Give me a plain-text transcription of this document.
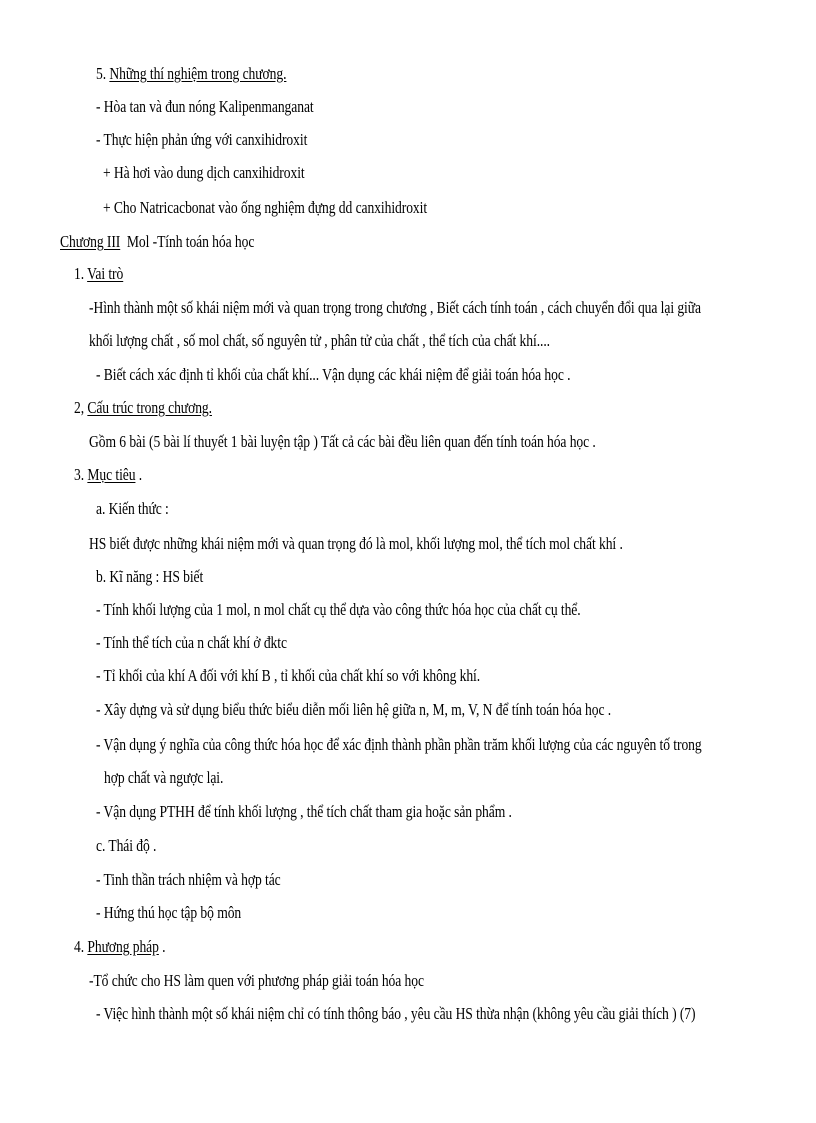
5. Những thí nghiệm trong chương.
- Hòa tan và đun nóng Kalipenmanganat
- Thực hiện phản ứng với canxihidroxit
+ Hà hơi vào dung dịch canxihidroxit
+ Cho Natricacbonat vào ống nghiệm đựng dd canxihidroxit
Chương III  Mol -Tính toán hóa học
1. Vai trò
-Hình thành một số khái niệm mới và quan trọng trong chương , Biết cách tính toán , cách chuyển đổi qua lại giữa
khối lượng chất , số mol chất, số nguyên tử , phân tử của chất , thể tích của chất khí....
- Biết cách xác định tỉ khối của chất khí... Vận dụng các khái niệm để giải toán hóa học .
2, Cấu trúc trong chương.
Gồm 6 bài (5 bài lí thuyết 1 bài luyện tập ) Tất cả các bài đều liên quan đến tính toán hóa học .
3. Mục tiêu .
a. Kiến thức :
HS biết được những khái niệm mới và quan trọng đó là mol, khối lượng mol, thể tích mol chất khí .
b. Kĩ năng : HS biết
- Tính khối lượng của 1 mol, n mol chất cụ thể dựa vào công thức hóa học của chất cụ thể.
- Tính thể tích của n chất khí ở đktc
- Tỉ khối của khí A đối với khí B , tỉ khối của chất khí so với không khí.
- Xây dựng và sử dụng biểu thức biểu diễn mối liên hệ giữa n, M, m, V, N để tính toán hóa học .
- Vận dụng ý nghĩa của công thức hóa học để xác định thành phần phần trăm khối lượng của các nguyên tố trong
hợp chất và ngược lại.
- Vận dụng PTHH để tính khối lượng , thể tích chất tham gia hoặc sản phẩm .
c. Thái độ .
- Tinh thần trách nhiệm và hợp tác
- Hứng thú học tập bộ môn
4. Phương pháp .
-Tổ chức cho HS làm quen với phương pháp giải toán hóa học
- Việc hình thành một số khái niệm chỉ có tính thông báo , yêu cầu HS thừa nhận (không yêu cầu giải thích ) (7)
